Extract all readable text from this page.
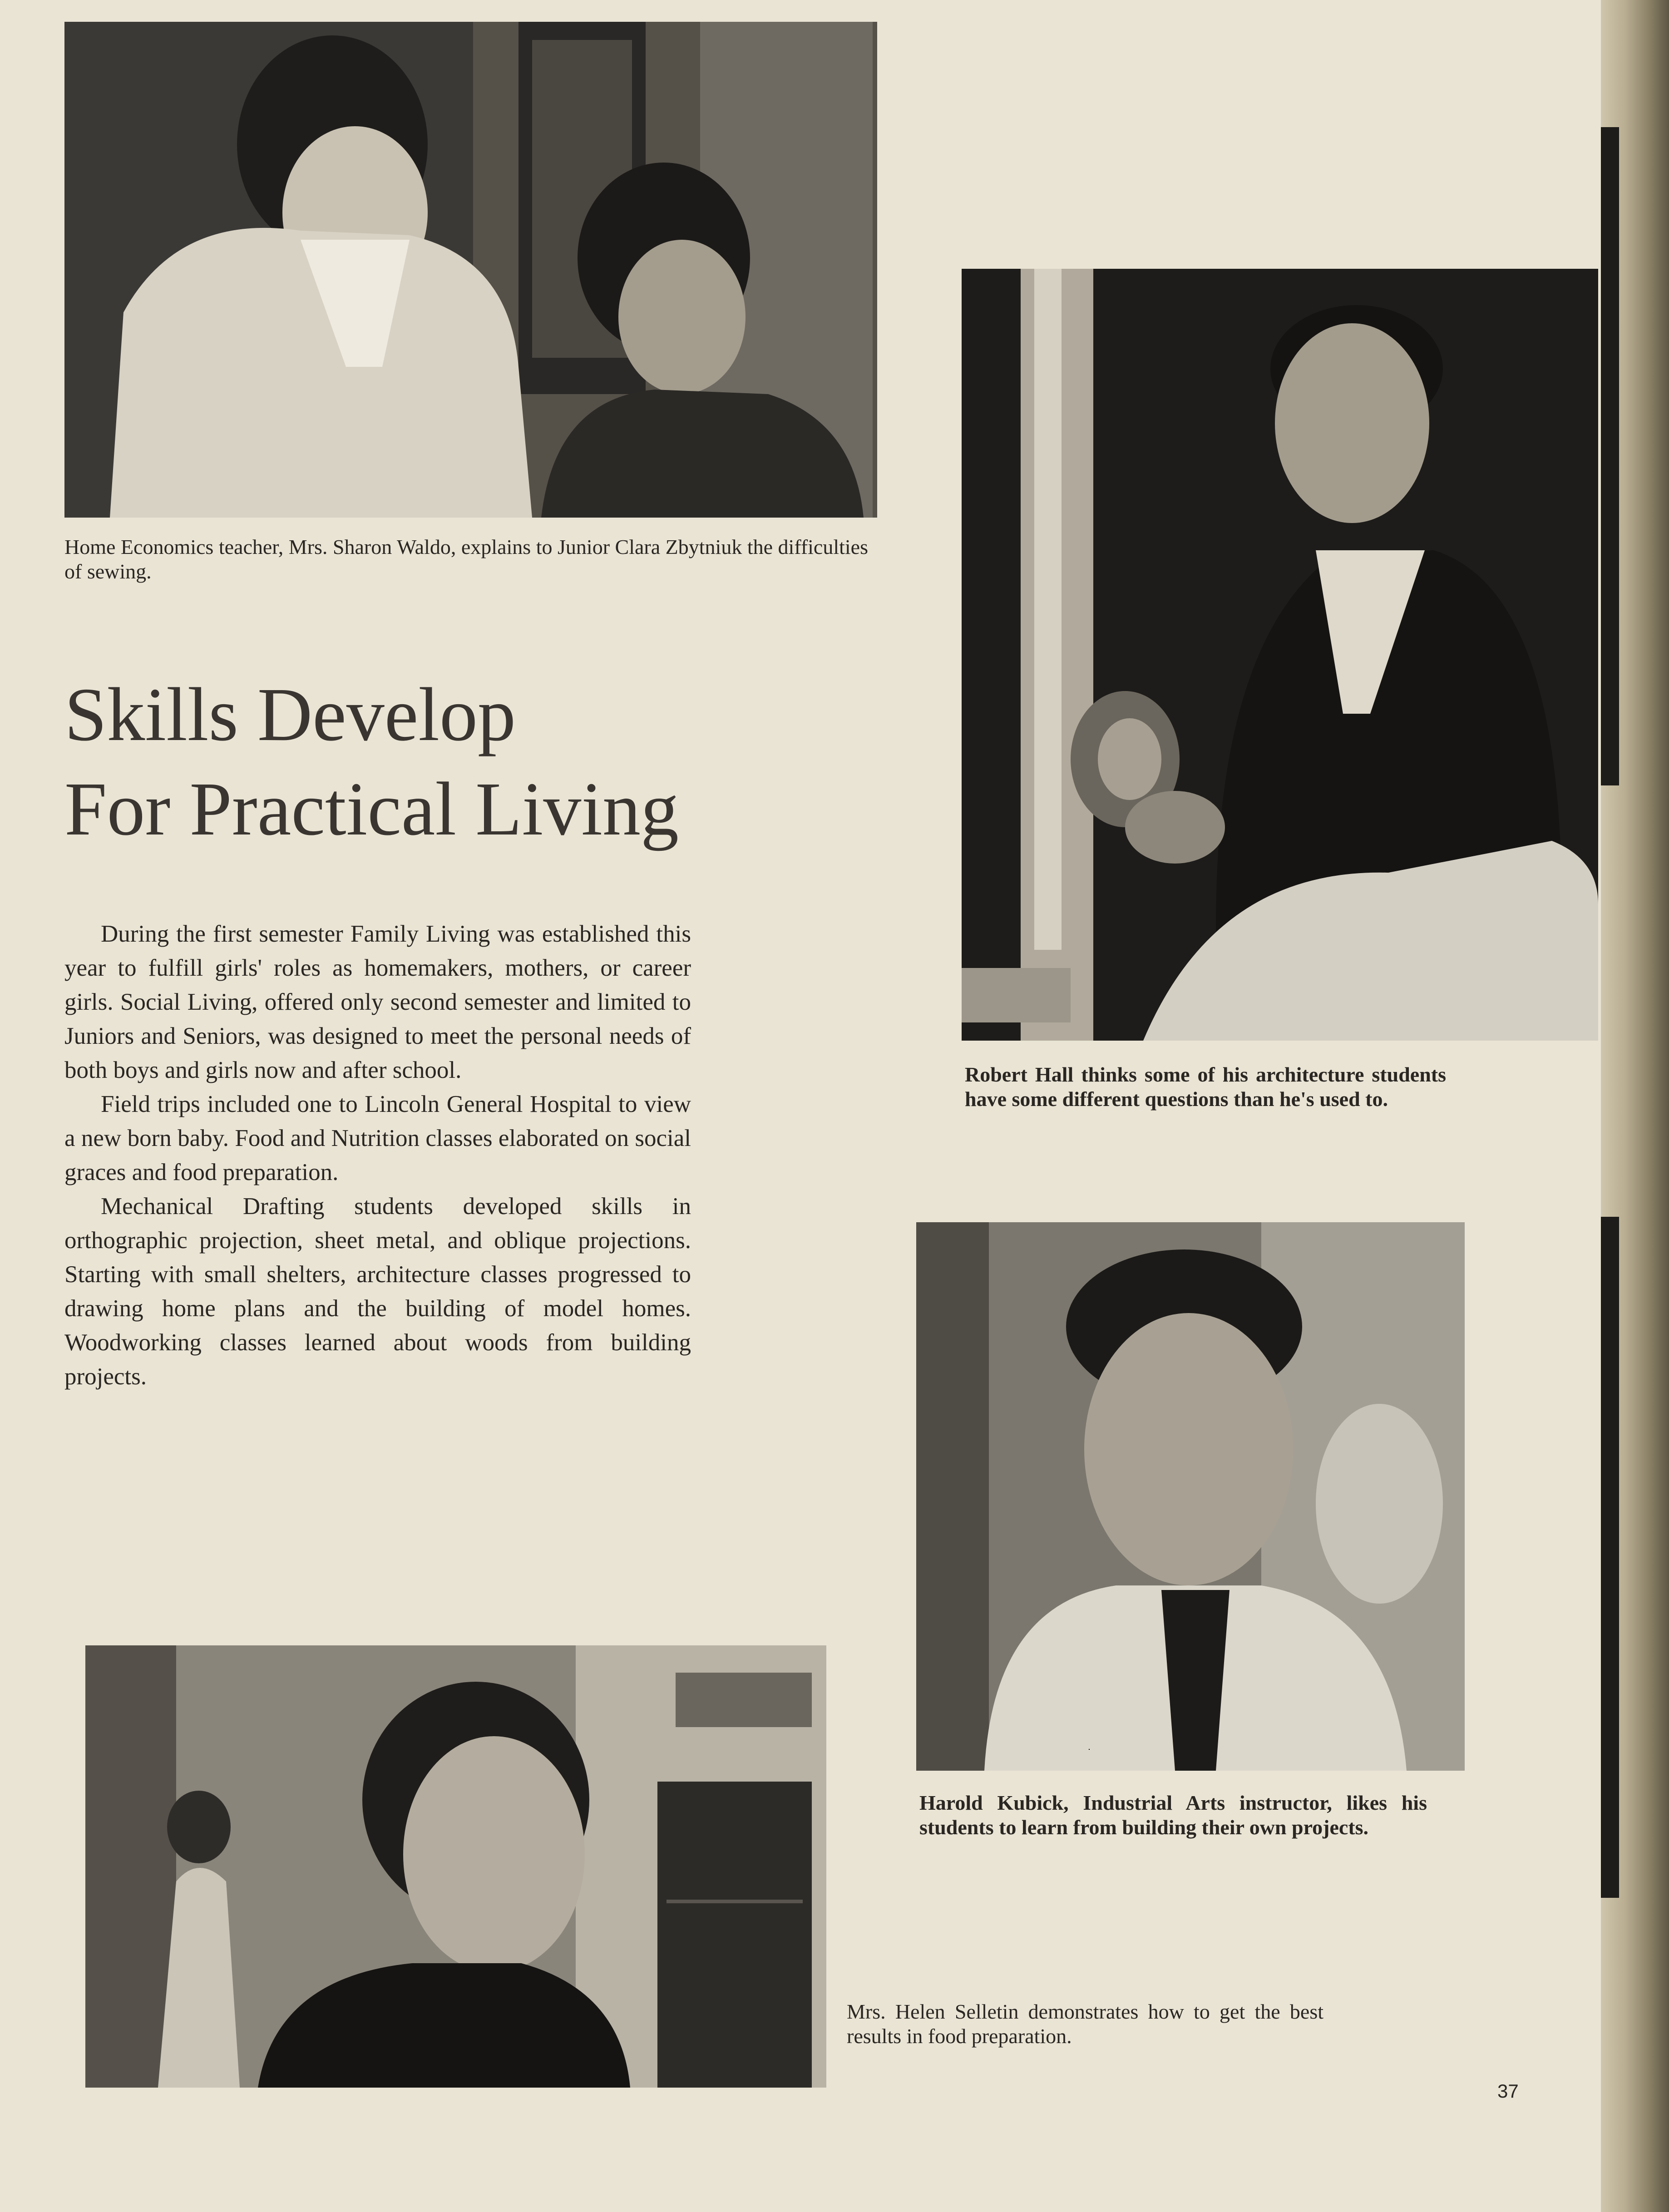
Home Economics teacher, Mrs. Sharon Waldo, explains to Junior Clara Zbytniuk the difficulties of sewing.

Skills Develop
For Practical Living

During the first semester Family Living was established this year to fulfill girls' roles as homemakers, mothers, or career girls. Social Living, offered only second semester and limited to Juniors and Seniors, was designed to meet the personal needs of both boys and girls now and after school.

Field trips included one to Lincoln General Hospital to view a new born baby. Food and Nutrition classes elaborated on social graces and food preparation.

Mechanical Drafting students developed skills in orthographic projection, sheet metal, and oblique projections. Starting with small shelters, architecture classes progressed to drawing home plans and the building of model homes. Woodworking classes learned about woods from building projects.

Robert Hall thinks some of his architecture students have some different questions than he's used to.

Harold Kubick, Industrial Arts instructor, likes his students to learn from building their own projects.

Mrs. Helen Selletin demonstrates how to get the best results in food preparation.

37
